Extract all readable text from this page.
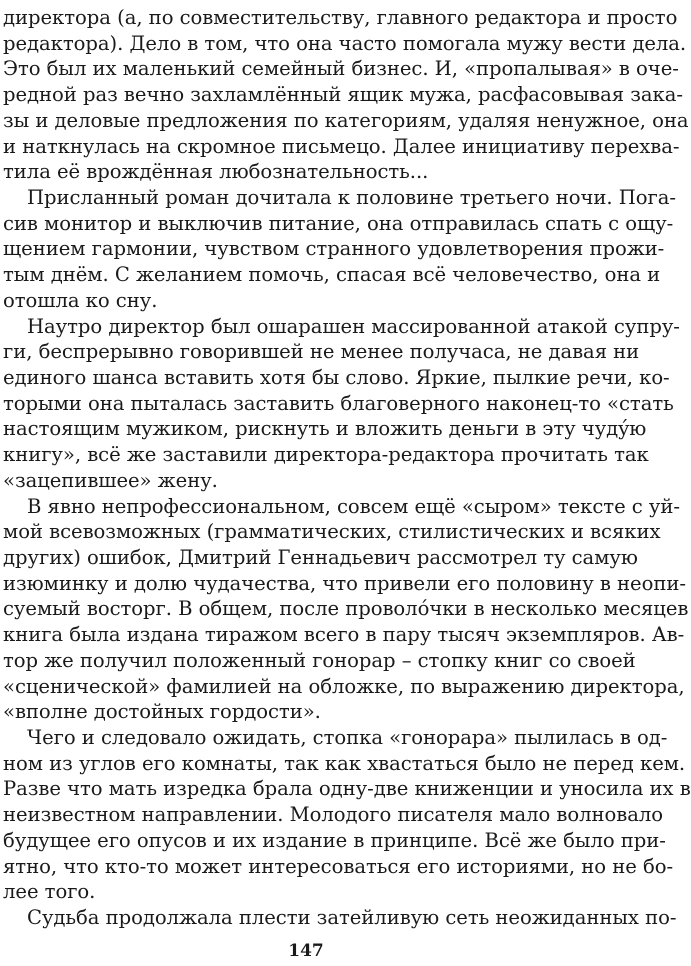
директора (а, по совместительству, главного редактора и просто
редактора). Дело в том, что она часто помогала мужу вести дела.
Это был их маленький семейный бизнес. И, «пропалывая» в оче-
редной раз вечно захламлённый ящик мужа, расфасовывая зака-
зы и деловые предложения по категориям, удаляя ненужное, она
и наткнулась на скромное письмецо. Далее инициативу перехва-
тила её врождённая любознательность...
Присланный роман дочитала к половине третьего ночи. Пога-
сив монитор и выключив питание, она отправилась спать с ощу-
щением гармонии, чувством странного удовлетворения прожи-
тым днём. С желанием помочь, спасая всё человечество, она и
отошла ко сну.
Наутро директор был ошарашен массированной атакой супру-
ги, беспрерывно говорившей не менее получаса, не давая ни
единого шанса вставить хотя бы слово. Яркие, пылкие речи, ко-
торыми она пыталась заставить благоверного наконец-то «стать
настоящим мужиком, рискнуть и вложить деньги в эту чудýю
книгу», всё же заставили директора-редактора прочитать так
«зацепившее» жену.
В явно непрофессиональном, совсем ещё «сыром» тексте с уй-
мой всевозможных (грамматических, стилистических и всяких
других) ошибок, Дмитрий Геннадьевич рассмотрел ту самую
изюминку и долю чудачества, что привели его половину в неопи-
суемый восторг. В общем, после проволóчки в несколько месяцев
книга была издана тиражом всего в пару тысяч экземпляров. Ав-
тор же получил положенный гонорар – стопку книг со своей
«сценической» фамилией на обложке, по выражению директора,
«вполне достойных гордости».
Чего и следовало ожидать, стопка «гонорара» пылилась в од-
ном из углов его комнаты, так как хвастаться было не перед кем.
Разве что мать изредка брала одну-две книженции и уносила их в
неизвестном направлении. Молодого писателя мало волновало
будущее его опусов и их издание в принципе. Всё же было при-
ятно, что кто-то может интересоваться его историями, но не бо-
лее того.
Судьба продолжала плести затейливую сеть неожиданных по-
147
